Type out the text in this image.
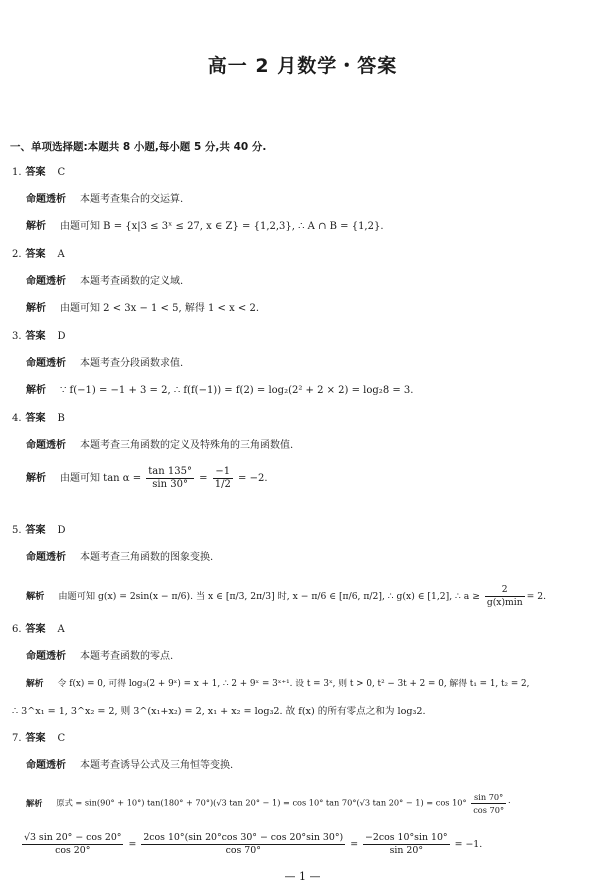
高一 2 月数学・答案
一、单项选择题:本题共 8 小题,每小题 5 分,共 40 分.
1. 答案 C
命题透析 本题考查集合的交运算.
解析 由题可知 B = {x|3 ≤ 3ˣ ≤ 27, x ∈ Z} = {1,2,3}, ∴ A ∩ B = {1,2}.
2. 答案 A
命题透析 本题考查函数的定义域.
解析 由题可知 2 < 3x − 1 < 5, 解得 1 < x < 2.
3. 答案 D
命题透析 本题考查分段函数求值.
解析 ∵ f(−1) = −1 + 3 = 2, ∴ f(f(−1)) = f(2) = log₂(2² + 2 × 2) = log₂8 = 3.
4. 答案 B
命题透析 本题考查三角函数的定义及特殊角的三角函数值.
解析 由题可知 $\tan \alpha = \frac{\tan 135^\circ}{\sin 30^\circ} = \frac{-1}{1/2} = -2$.
5. 答案 D
命题透析 本题考查三角函数的图象变换.
解析 由题可知 g(x) = 2sin(x − π/6). 当 x ∈ [π/3, 2π/3] 时, x − π/6 ∈ [π/6, π/2], ∴ g(x) ∈ [1,2], ∴ $a \ge \frac{2}{g(x)\min} = 2$.
6. 答案 A
命题透析 本题考查函数的零点.
解析 令 f(x) = 0, 可得 log₃(2 + 9ˣ) = x + 1, ∴ 2 + 9ˣ = 3ˣ⁺¹. 设 t = 3ˣ, 则 t > 0, t² − 3t + 2 = 0, 解得 t₁ = 1, t₂ = 2,
∴ 3^x₁ = 1, 3^x₂ = 2, 则 3^(x₁+x₂) = 2, x₁ + x₂ = log₃2. 故 f(x) 的所有零点之和为 log₃2.
7. 答案 C
命题透析 本题考查诱导公式及三角恒等变换.
解析 原式 = sin(90° + 10°) tan(180° + 70°)(√3 tan 20° − 1) = cos 10° tan 70°(√3 $\tan 20^\circ - 1) = \cos 10^\circ \frac{\sin 70^\circ}{\cos 70^\circ}$ ·
$\frac{√3 \sin 20^\circ - \cos 20^\circ}{\cos 20^\circ} = \frac{2\cos 10^\circ(\sin 20^\circ\cos 30^\circ - \cos 20^\circ\sin 30^\circ)}{\cos 70^\circ} = \frac{-2\cos 10^\circ\sin 10^\circ}{\sin 20^\circ} = -1$.
— 1 —
